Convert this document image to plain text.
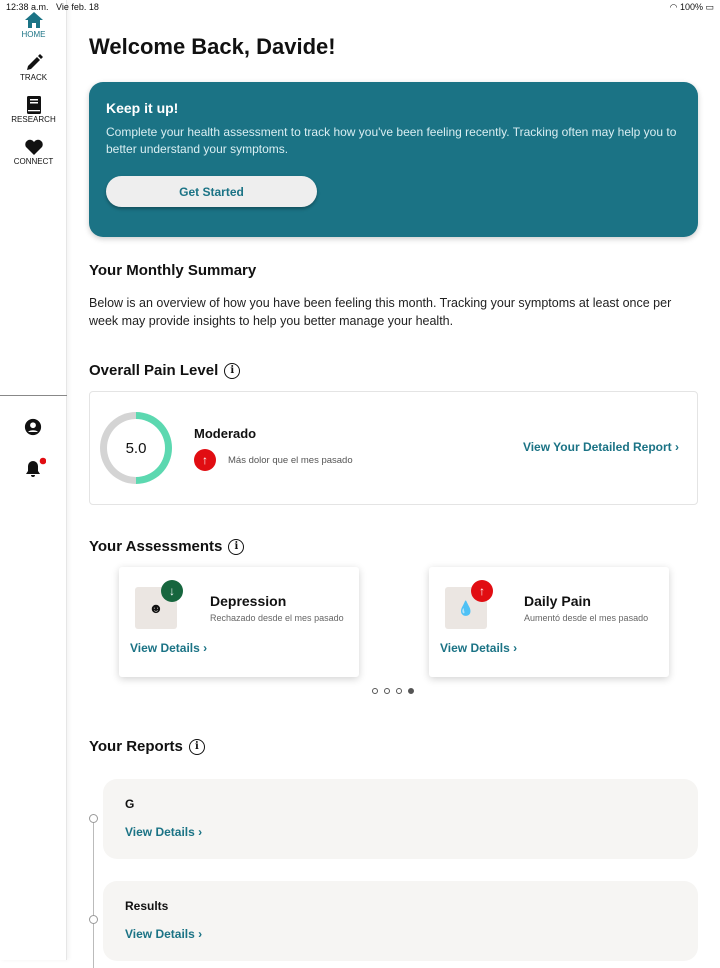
12:38 a.m. Vie feb. 18	◠ 100% ▭
HOME
TRACK
RESEARCH
CONNECT
Welcome Back, Davide!
Keep it up!

Complete your health assessment to track how you've been feeling recently. Tracking often may help you to better understand your symptoms.

Get Started
Your Monthly Summary
Below is an overview of how you have been feeling this month. Tracking your symptoms at least once per week may provide insights to help you better manage your health.
Overall Pain Level	i
5.0
Moderado
↑	Más dolor que el mes pasado
View Your Detailed Report ›
Your Assessments	i
☻
↓
Depression
Rechazado desde el mes pasado
View Details ›
💧
↑
Daily Pain
Aumentó desde el mes pasado
View Details ›
Your Reports	i
G
View Details ›
Results
View Details ›
